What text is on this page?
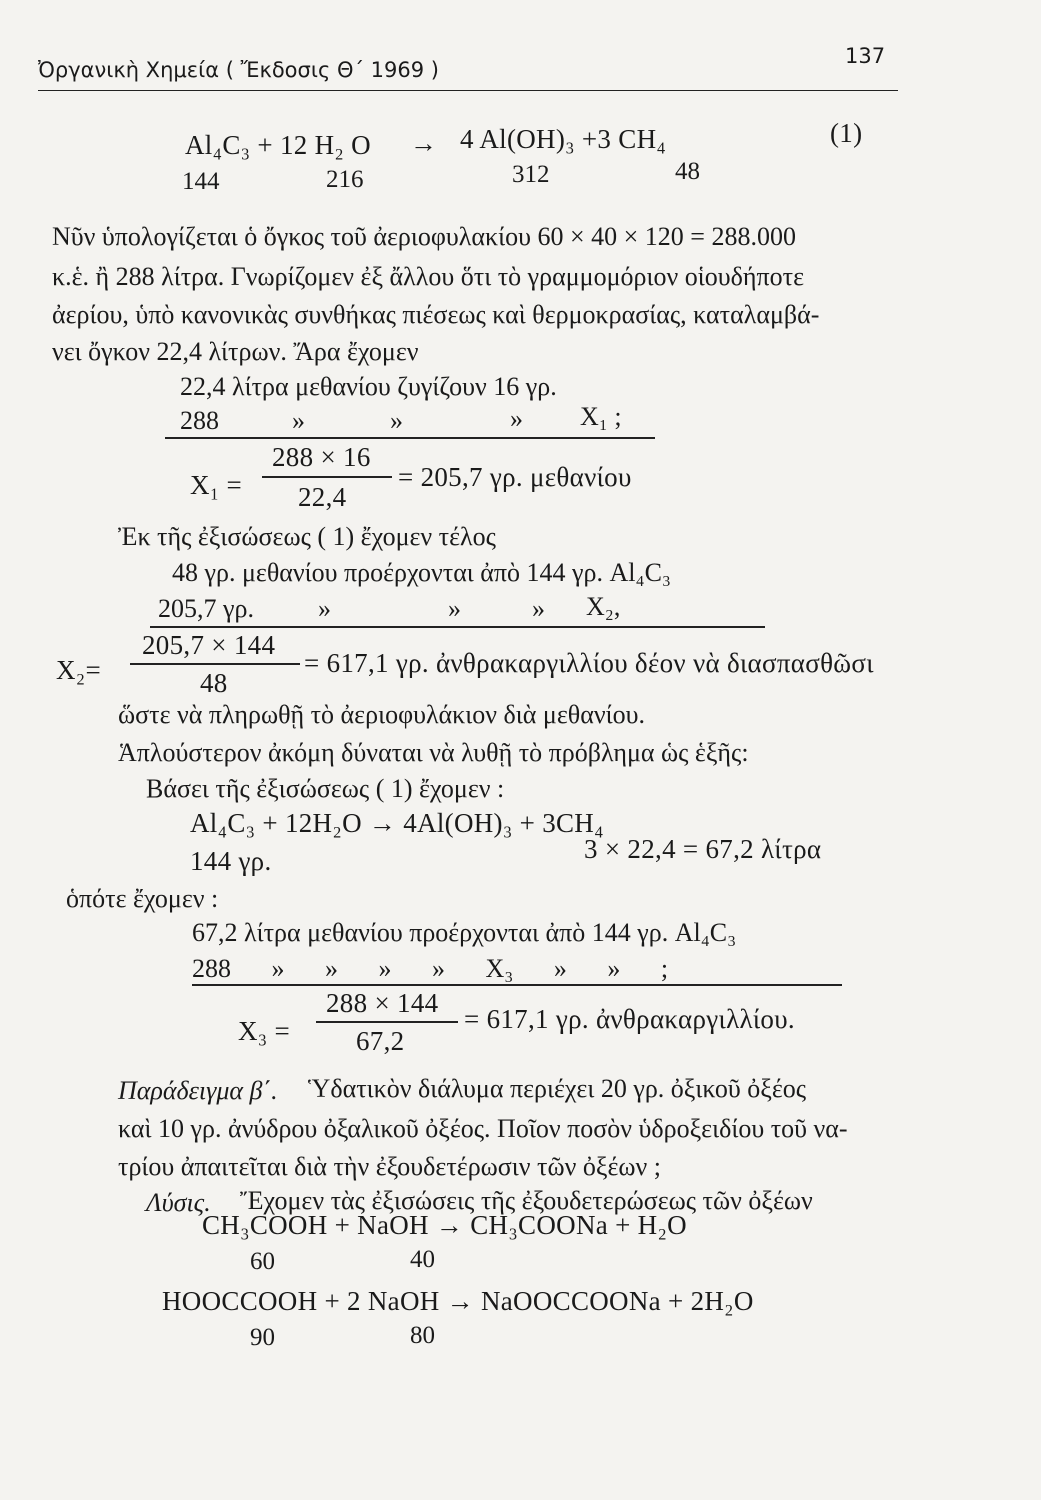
Ὀργανικὴ Χημεία ( Ἔκδοσις Θ΄ 1969 )
137
Al₄C₃ + 12 H₂ O → 4 Al(OH)₃ +3 CH₄	(1)
144	216	312	48
Νῦν ὑπολογίζεται ὁ ὄγκος τοῦ ἀεριοφυλακίου 60 × 40 × 120 = 288.000
κ.ἑ. ἢ 288 λίτρα. Γνωρίζομεν ἐξ ἄλλου ὅτι τὸ γραμμομόριον οἱουδήποτε
ἀερίου, ὑπὸ κανονικὰς συνθήκας πιέσεως καὶ θερμοκρασίας, καταλαμβά-
νει ὄγκον 22,4 λίτρων. Ἄρα ἔχομεν
22,4 λίτρα μεθανίου ζυγίζουν 16 γρ.
288	»	»	» X₁ ;
X₁ =
288 × 16
22,4
= 205,7 γρ. μεθανίου
Ἐκ τῆς ἐξισώσεως ( 1) ἔχομεν τέλος
48 γρ. μεθανίου προέρχονται ἀπὸ 144 γρ. Al₄C₃
205,7 γρ. »	»	» X₂,
X₂=
205,7 × 144
48
= 617,1 γρ. ἀνθρακαργιλλίου δέον νὰ διασπασθῶσι
ὥστε νὰ πληρωθῇ τὸ ἀεριοφυλάκιον διὰ μεθανίου.
Ἁπλούστερον ἀκόμη δύναται νὰ λυθῇ τὸ πρόβλημα ὡς ἑξῆς:
Βάσει τῆς ἐξισώσεως ( 1) ἔχομεν :
Al₄C₃ + 12H₂O → 4Al(OH)₃ + 3CH₄
144 γρ.	3 × 22,4 = 67,2 λίτρα
ὁπότε ἔχομεν :
67,2 λίτρα μεθανίου προέρχονται ἀπὸ 144 γρ. Al₄C₃
288 » » » » X₃ » » ;
X₃ =
288 × 144
67,2
= 617,1 γρ. ἀνθρακαργιλλίου.
Παράδειγμα β΄. Ὑδατικὸν διάλυμα περιέχει 20 γρ. ὀξικοῦ ὀξέος
καὶ 10 γρ. ἀνύδρου ὀξαλικοῦ ὀξέος. Ποῖον ποσὸν ὑδροξειδίου τοῦ να-
τρίου ἀπαιτεῖται διὰ τὴν ἐξουδετέρωσιν τῶν ὀξέων ;
Λύσις. Ἔχομεν τὰς ἐξισώσεις τῆς ἐξουδετερώσεως τῶν ὀξέων
CH₃COOH + NaOH → CH₃COONa + H₂O
60	40
HOOCCOOH + 2 NaOH → NaOOCCOONa + 2H₂O
90	80
